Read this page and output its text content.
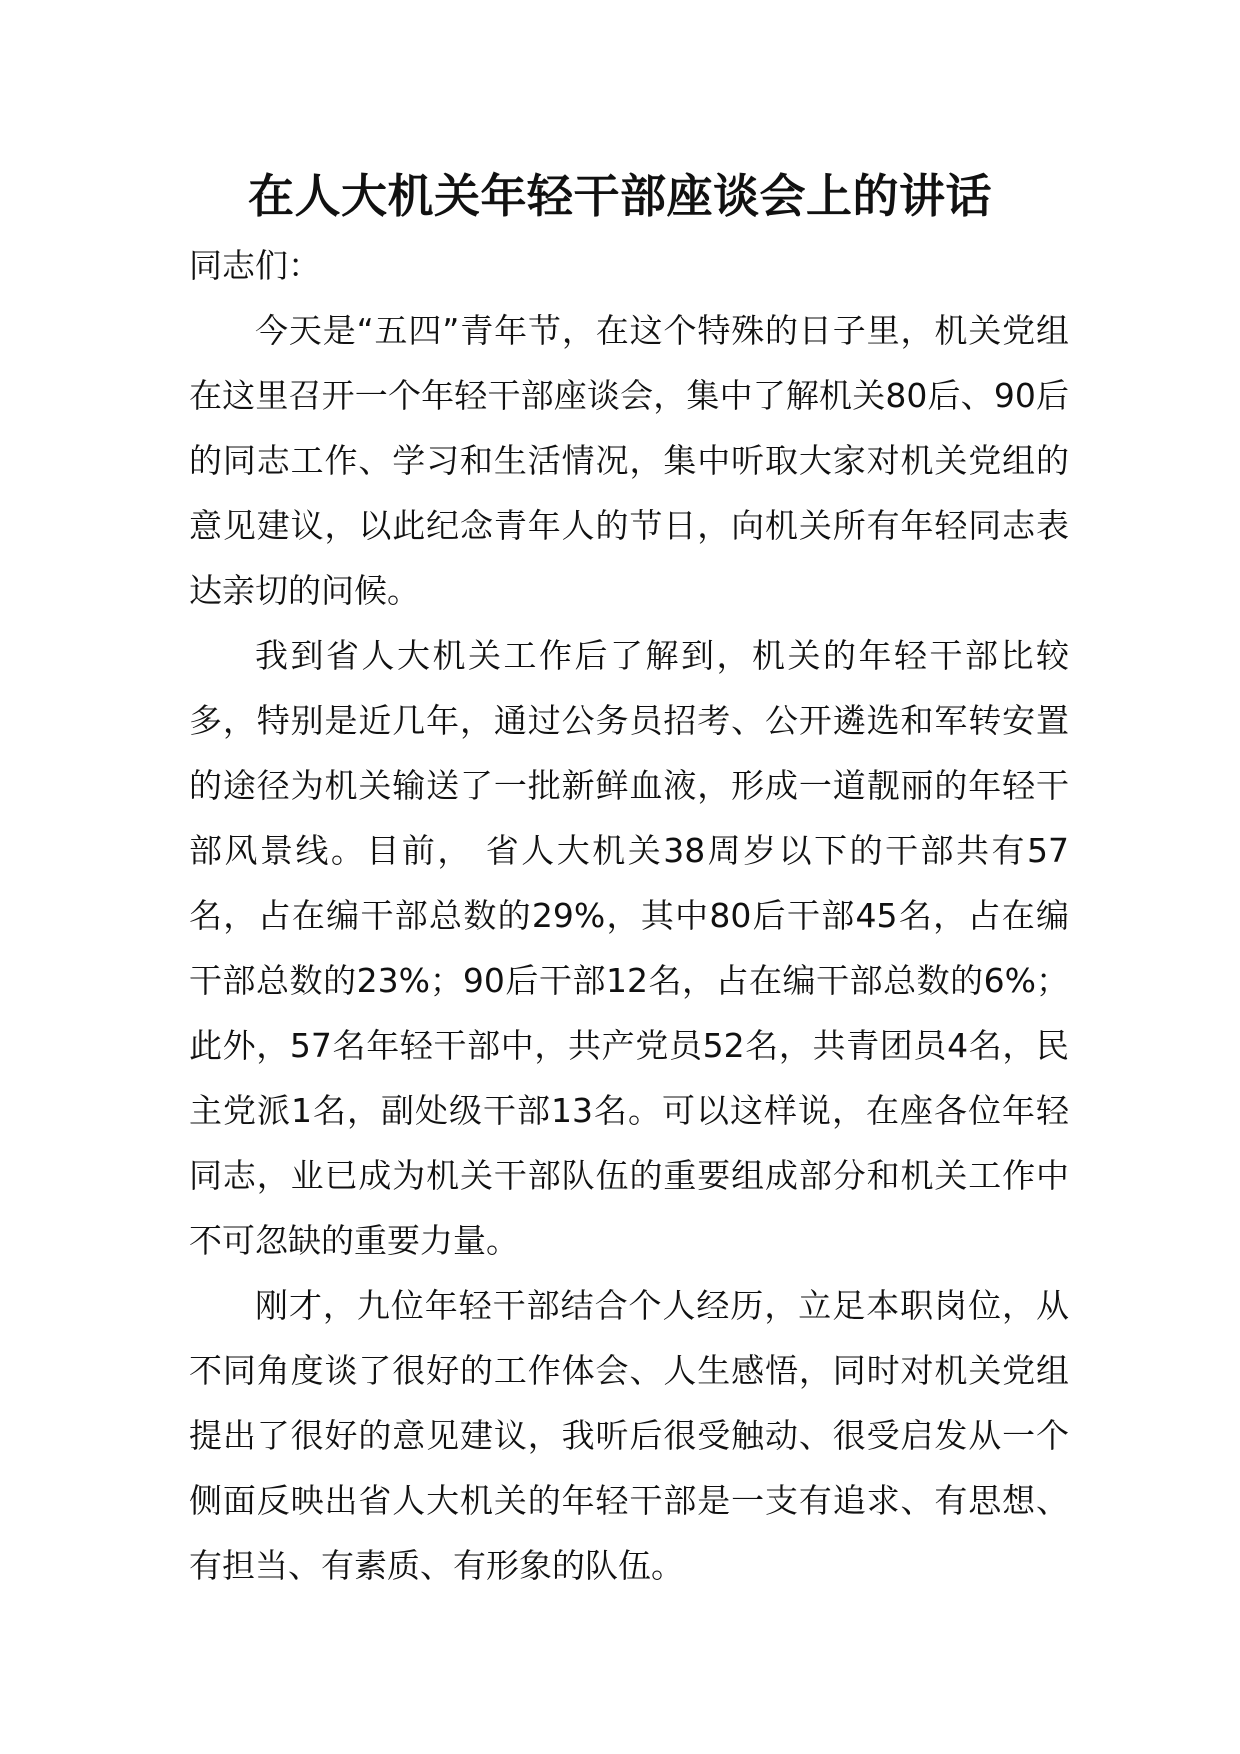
在人大机关年轻干部座谈会上的讲话

同志们：

今天是“五四”青年节，在这个特殊的日子里，机关党组在这里召开一个年轻干部座谈会，集中了解机关80后、90后的同志工作、学习和生活情况，集中听取大家对机关党组的意见建议，以此纪念青年人的节日，向机关所有年轻同志表达亲切的问候。

我到省人大机关工作后了解到，机关的年轻干部比较多，特别是近几年，通过公务员招考、公开遴选和军转安置的途径为机关输送了一批新鲜血液，形成一道靓丽的年轻干部风景线。目前， 省人大机关38周岁以下的干部共有57名，占在编干部总数的29%，其中80后干部45名，占在编干部总数的23%；90后干部12名，占在编干部总数的6%；此外，57名年轻干部中，共产党员52名，共青团员4名，民主党派1名，副处级干部13名。可以这样说，在座各位年轻同志，业已成为机关干部队伍的重要组成部分和机关工作中不可忽缺的重要力量。

刚才，九位年轻干部结合个人经历，立足本职岗位，从不同角度谈了很好的工作体会、人生感悟，同时对机关党组提出了很好的意见建议，我听后很受触动、很受启发从一个侧面反映出省人大机关的年轻干部是一支有追求、有思想、有担当、有素质、有形象的队伍。
